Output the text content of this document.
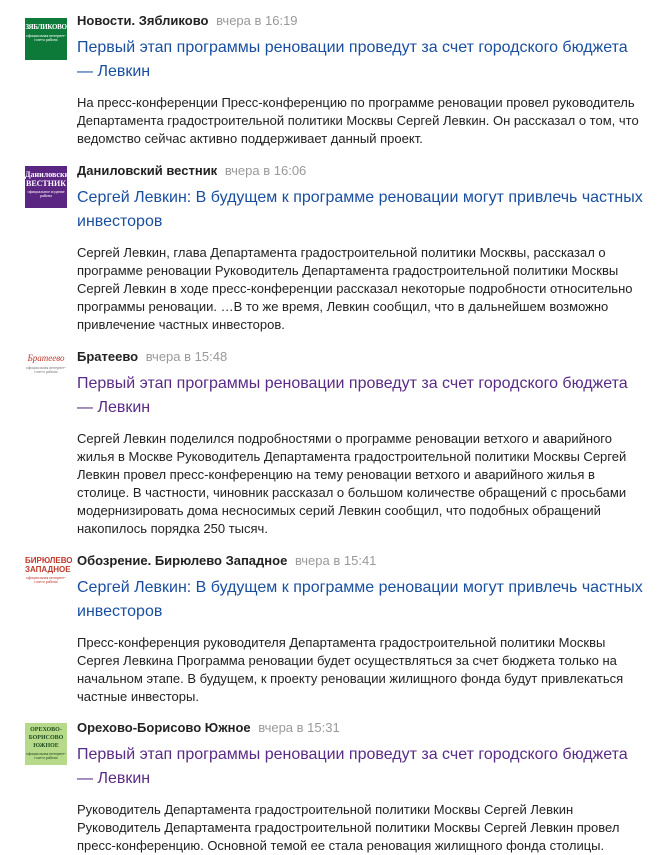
ЗЯБЛИКОВО
официальная интернет-газета района
Новости. Зябликово вчера в 16:19
Первый этап программы реновации проведут за счет городского бюджета — Левкин
На пресс-конференции Пресс-конференцию по программе реновации провел руководитель Департамента градостроительной политики Москвы Сергей Левкин. Он рассказал о том, что ведомство сейчас активно поддерживает данный проект.
Даниловский ВЕСТНИК
официальное издание района
Даниловский вестник вчера в 16:06
Сергей Левкин: В будущем к программе реновации могут привлечь частных инвесторов
Сергей Левкин, глава Департамента градостроительной политики Москвы, рассказал о программе реновации Руководитель Департамента градостроительной политики Москвы Сергей Левкин в ходе пресс-конференции рассказал некоторые подробности относительно программы реновации. …В то же время, Левкин сообщил, что в дальнейшем возможно привлечение частных инвесторов.
Братеево
официальная интернет-газета района
Братеево вчера в 15:48
Первый этап программы реновации проведут за счет городского бюджета — Левкин
Сергей Левкин поделился подробностями о программе реновации ветхого и аварийного жилья в Москве Руководитель Департамента градостроительной политики Москвы Сергей Левкин провел пресс-конференцию на тему реновации ветхого и аварийного жилья в столице. В частности, чиновник рассказал о большом количестве обращений с просьбами модернизировать дома несносимых серий Левкин сообщил, что подобных обращений накопилось порядка 250 тысяч.
БИРЮЛЕВО ЗАПАДНОЕ
официальная интернет-газета района
Обозрение. Бирюлево Западное вчера в 15:41
Сергей Левкин: В будущем к программе реновации могут привлечь частных инвесторов
Пресс-конференция руководителя Департамента градостроительной политики Москвы Сергея Левкина Программа реновации будет осуществляться за счет бюджета только на начальном этапе. В будущем, к проекту реновации жилищного фонда будут привлекаться частные инвесторы.
ОРЕХОВО-БОРИСОВО ЮЖНОЕ
официальная интернет-газета района
Орехово-Борисово Южное вчера в 15:31
Первый этап программы реновации проведут за счет городского бюджета — Левкин
Руководитель Департамента градостроительной политики Москвы Сергей Левкин Руководитель Департамента градостроительной политики Москвы Сергей Левкин провел пресс-конференцию. Основной темой ее стала реновация жилищного фонда столицы.
